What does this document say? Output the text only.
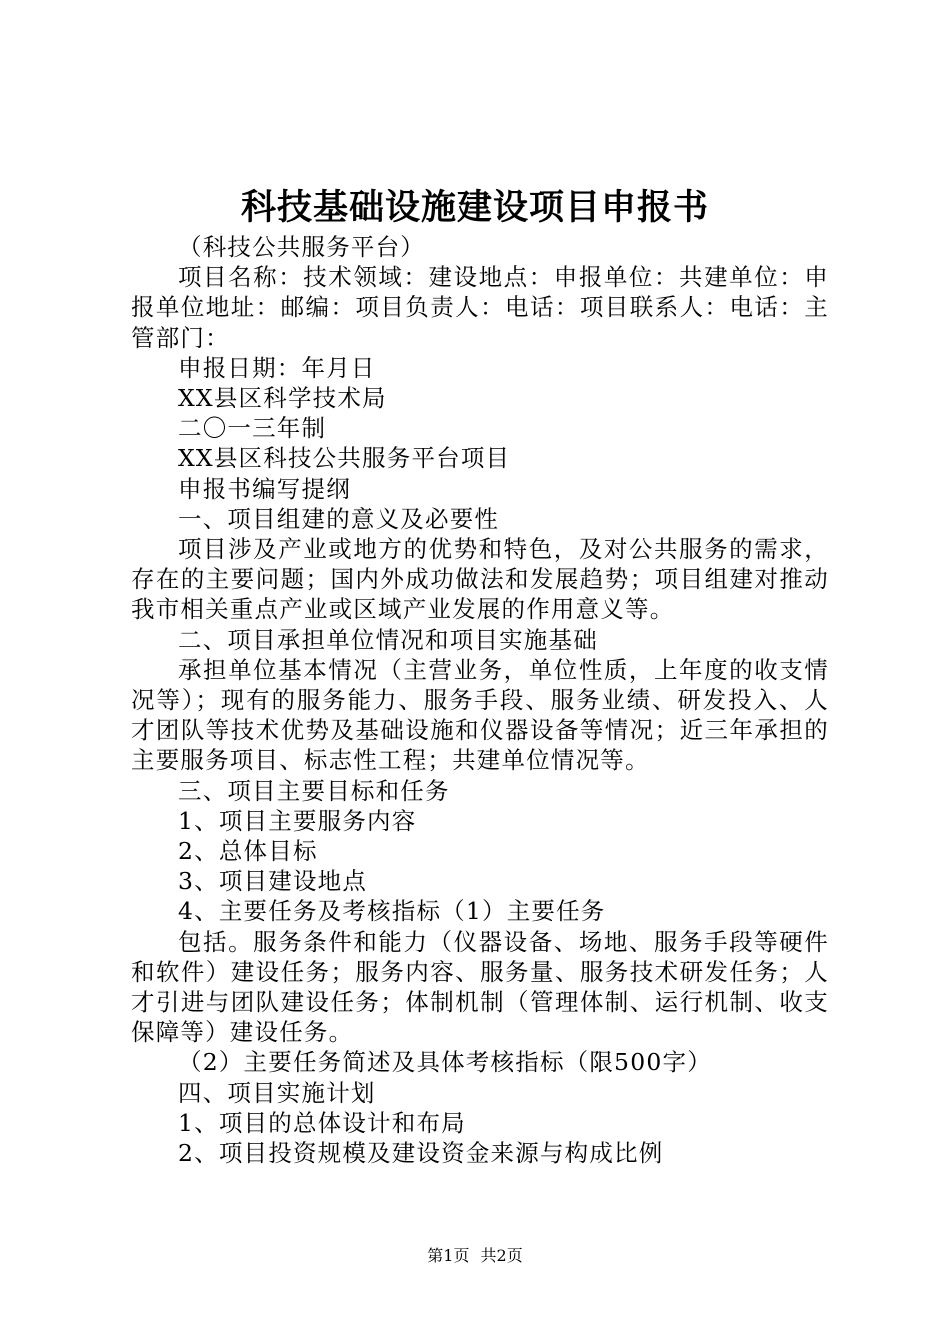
科技基础设施建设项目申报书

（科技公共服务平台）

项目名称：技术领域：建设地点：申报单位：共建单位：申报单位地址：邮编：项目负责人：电话：项目联系人：电话：主管部门：

申报日期：年月日

XX县区科学技术局

二〇一三年制

XX县区科技公共服务平台项目

申报书编写提纲

一、项目组建的意义及必要性

项目涉及产业或地方的优势和特色，及对公共服务的需求，存在的主要问题；国内外成功做法和发展趋势；项目组建对推动我市相关重点产业或区域产业发展的作用意义等。

二、项目承担单位情况和项目实施基础

承担单位基本情况（主营业务，单位性质，上年度的收支情况等）；现有的服务能力、服务手段、服务业绩、研发投入、人才团队等技术优势及基础设施和仪器设备等情况；近三年承担的主要服务项目、标志性工程；共建单位情况等。

三、项目主要目标和任务

1、项目主要服务内容

2、总体目标

3、项目建设地点

4、主要任务及考核指标（1）主要任务

包括。服务条件和能力（仪器设备、场地、服务手段等硬件和软件）建设任务；服务内容、服务量、服务技术研发任务；人才引进与团队建设任务；体制机制（管理体制、运行机制、收支保障等）建设任务。

（2）主要任务简述及具体考核指标（限500字）

四、项目实施计划

1、项目的总体设计和布局

2、项目投资规模及建设资金来源与构成比例

第1页 共2页
